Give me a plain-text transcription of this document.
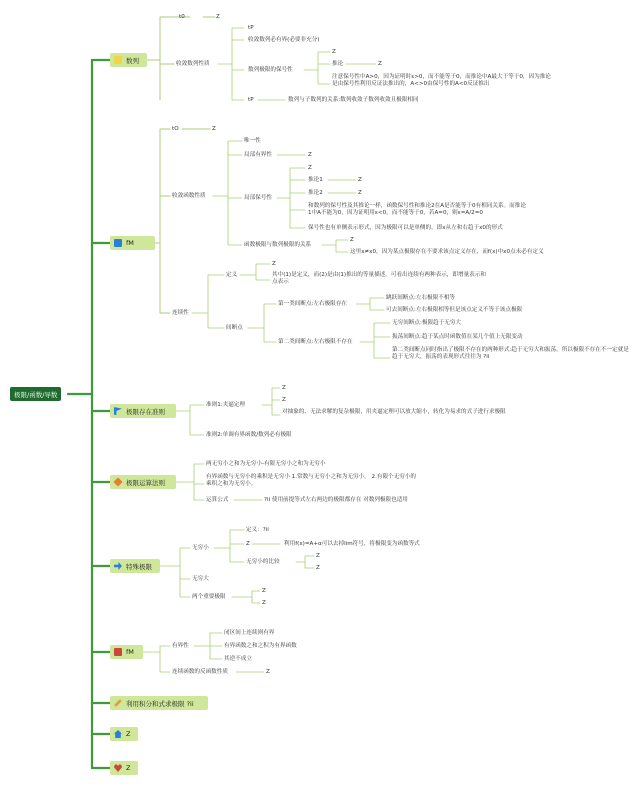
极限/函数/导数
数列
t0	Z
收敛数列性质
tP
收敛数列必有界(必要非充分)
数列极限的保号性
Z
推论	Z
注意保号性中A>0，因为证明时ε>0，而不能等于0，而推论中A最大于等于0，因为推论是由保号性利用反证法推出的，A<>0由保号性的A<0反证推出
tP	数列与子数列的关系:数列收敛子数列收敛且极限相同
fM
tO	Z
收敛函数性质
唯一性
局部有界性	Z
局部保号性
Z
推论1	Z
推论2	Z
和数列的保号性及其推论一样，函数保号性和推论2在A是否能等于0有相同关系。而推论1中A不能为0，因为证明用ε<0，而不能等于0，若A=0，则ε=A/2=0
保号性也有单侧表示形式，因为极限可以是单侧的，即x从左和右趋于x0的形式
函数极限与数列极限的关系
Z
这里x≠x0，因为某点极限存在不要求该点定义存在，而f(x)中x0点未必有定义
连续性
定义
Z
其中(1)是定义，而(2)是由(1)推出的等量描述。可看出连续有两种表示，即增量表示和点表示
间断点
第一类间断点:左右极限存在
跳跃间断点:左右极限不相等
可去间断点:左右极限相等但是该点定义不等于该点极限
第二类间断点:左右极限不存在
无穷间断点:极限趋于无穷大
振荡间断点:趋于某点时函数值在某几个值上无限变动
第二类间断点同时指出了极限不存在的两种形式:趋于无穷大和振荡，所以极限不存在不一定就是趋于无穷大，振荡的表现形式往往为 ?ii
极限存在准则
准则1:夹逼定理
Z
Z
对抽象的、无法求解的复杂极限，用夹逼定理可以放大缩小，转化为易求的式子进行求极限
准则2:单调有界函数/数列必有极限
极限运算法则
两无穷小之和为无穷小-有限无穷小之和为无穷小
有界函数与无穷小的乘积是无穷小 1.常数与无穷小之和为无穷小。 2.有限个无穷小的乘积之和为无穷小。
运算公式	?ii 使用前提等式左右两边的极限都存在 对数列极限也适用
特殊极限
无穷小
定义：?ii
Z	利用f(x)=A+α可以去掉lim符号，将极限变为函数等式
无穷小的比较
Z
Z
无穷大
两个重要极限
Z
Z
fM
有界性
闭区间上连续则有界
有界函数之和之积为有界函数
其逆不成立
连续函数的反函数性质	Z
利用积分和式求极限 ?ii
Z
Z
